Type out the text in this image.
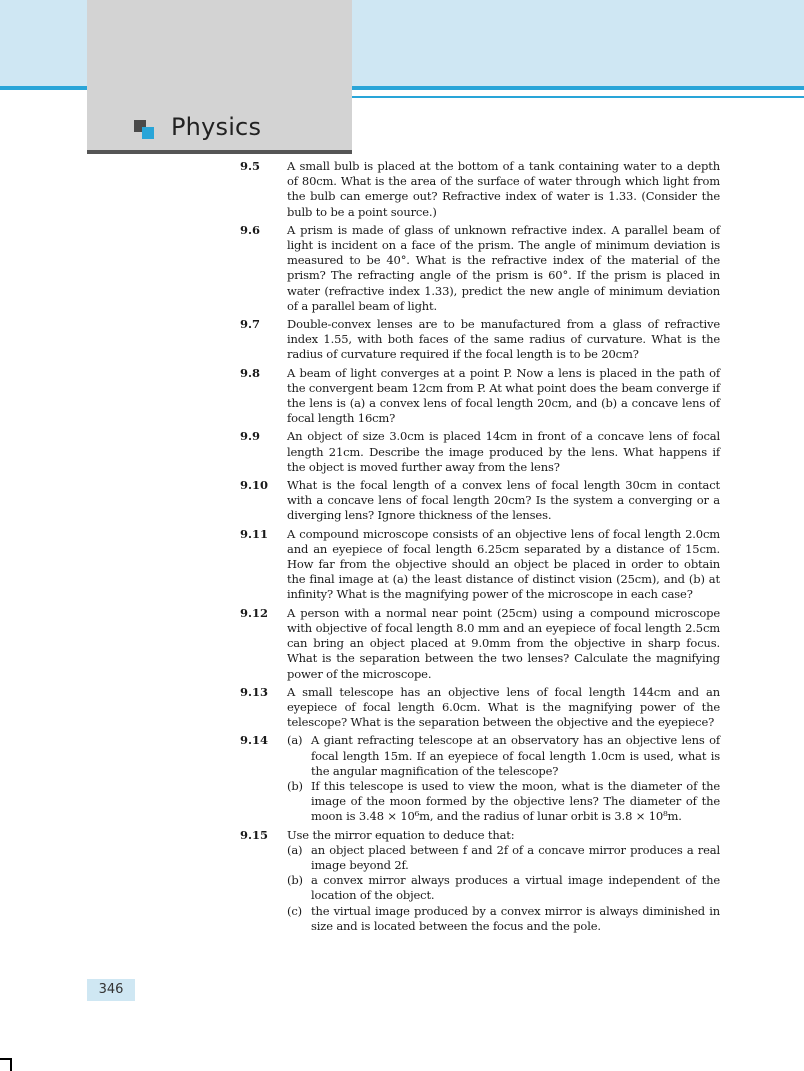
Physics
9.5	A small bulb is placed at the bottom of a tank containing water to a depth of 80cm. What is the area of the surface of water through which light from the bulb can emerge out? Refractive index of water is 1.33. (Consider the bulb to be a point source.)
9.6	A prism is made of glass of unknown refractive index. A parallel beam of light is incident on a face of the prism. The angle of minimum deviation is measured to be 40°. What is the refractive index of the material of the prism? The refracting angle of the prism is 60°. If the prism is placed in water (refractive index 1.33), predict the new angle of minimum deviation of a parallel beam of light.
9.7	Double-convex lenses are to be manufactured from a glass of refractive index 1.55, with both faces of the same radius of curvature. What is the radius of curvature required if the focal length is to be 20cm?
9.8	A beam of light converges at a point P. Now a lens is placed in the path of the convergent beam 12cm from P. At what point does the beam converge if the lens is (a) a convex lens of focal length 20cm, and (b) a concave lens of focal length 16cm?
9.9	An object of size 3.0cm is placed 14cm in front of a concave lens of focal length 21cm. Describe the image produced by the lens. What happens if the object is moved further away from the lens?
9.10	What is the focal length of a convex lens of focal length 30cm in contact with a concave lens of focal length 20cm? Is the system a converging or a diverging lens? Ignore thickness of the lenses.
9.11	A compound microscope consists of an objective lens of focal length 2.0cm and an eyepiece of focal length 6.25cm separated by a distance of 15cm. How far from the objective should an object be placed in order to obtain the final image at (a) the least distance of distinct vision (25cm), and (b) at infinity? What is the magnifying power of the microscope in each case?
9.12	A person with a normal near point (25cm) using a compound microscope with objective of focal length 8.0 mm and an eyepiece of focal length 2.5cm can bring an object placed at 9.0mm from the objective in sharp focus. What is the separation between the two lenses? Calculate the magnifying power of the microscope.
9.13	A small telescope has an objective lens of focal length 144cm and an eyepiece of focal length 6.0cm. What is the magnifying power of the telescope? What is the separation between the objective and the eyepiece?
9.14	(a) A giant refracting telescope at an observatory has an objective lens of focal length 15m. If an eyepiece of focal length 1.0cm is used, what is the angular magnification of the telescope?
(b) If this telescope is used to view the moon, what is the diameter of the image of the moon formed by the objective lens? The diameter of the moon is 3.48 × 10⁶m, and the radius of lunar orbit is 3.8 × 10⁸m.
9.15	Use the mirror equation to deduce that:
(a) an object placed between f and 2f of a concave mirror produces a real image beyond 2f.
(b) a convex mirror always produces a virtual image independent of the location of the object.
(c) the virtual image produced by a convex mirror is always diminished in size and is located between the focus and the pole.
346
